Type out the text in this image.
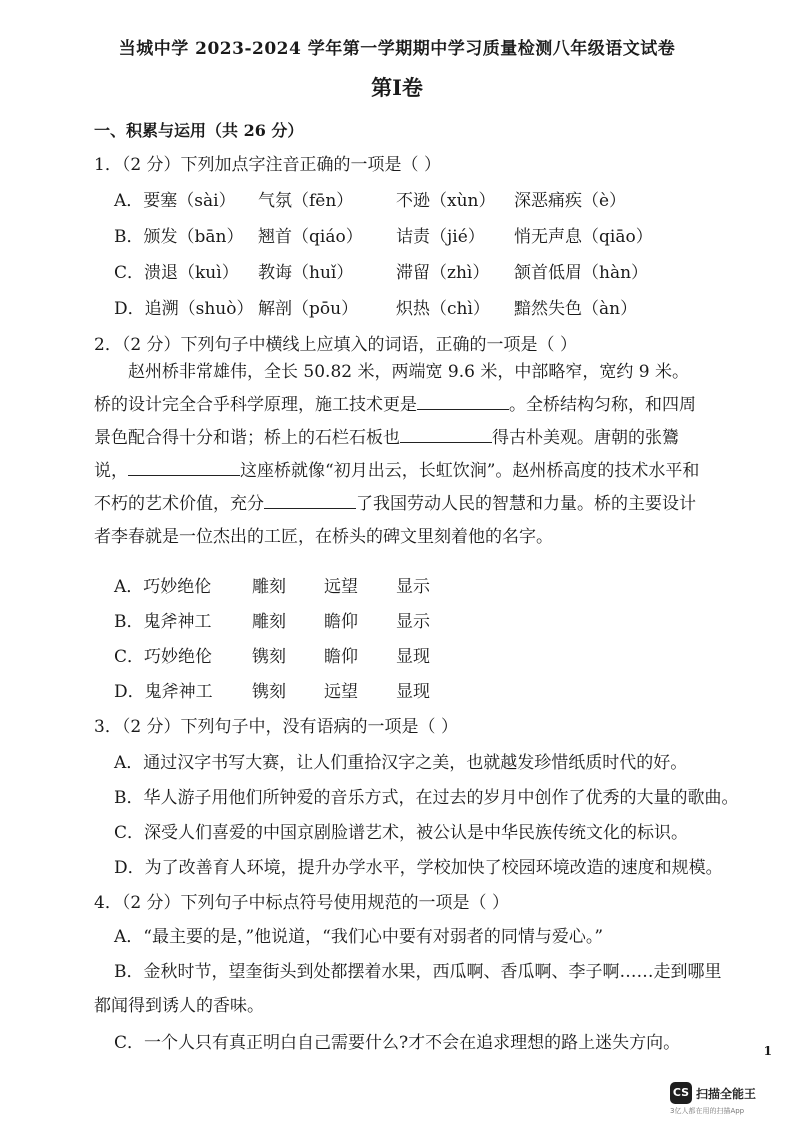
当城中学 2023-2024 学年第一学期期中学习质量检测八年级语文试卷
第Ⅰ卷
一、积累与运用（共 26 分）
1．（2 分）下列加点字注音正确的一项是（ ）
A．要塞（sài） 气氛（fēn）	不逊（xùn） 深恶痛疾（è）
B．颁发（bān） 翘首（qiáo） 诘责（jié） 悄无声息（qiāo）
C．溃退（kuì） 教诲（huǐ）	滞留（zhì） 颔首低眉（hàn）
D．追溯（shuò） 解剖（pōu） 炽热（chì） 黯然失色（àn）
2．（2 分）下列句子中横线上应填入的词语，正确的一项是（ ）
赵州桥非常雄伟，全长 50.82 米，两端宽 9.6 米，中部略窄，宽约 9 米。桥的设计完全合乎科学原理，施工技术更是	。全桥结构匀称，和四周景色配合得十分和谐；桥上的石栏石板也	得古朴美观。唐朝的张鷟说，	这座桥就像“初月出云，长虹饮涧”。赵州桥高度的技术水平和不朽的艺术价值，充分	了我国劳动人民的智慧和力量。桥的主要设计者李春就是一位杰出的工匠，在桥头的碑文里刻着他的名字。
A．巧妙绝伦 雕刻 远望 显示
B．鬼斧神工 雕刻 瞻仰 显示
C．巧妙绝伦 镌刻 瞻仰 显现
D．鬼斧神工 镌刻 远望 显现
3．（2 分）下列句子中，没有语病的一项是（ ）
A．通过汉字书写大赛，让人们重拾汉字之美，也就越发珍惜纸质时代的好。
B．华人游子用他们所钟爱的音乐方式，在过去的岁月中创作了优秀的大量的歌曲。
C．深受人们喜爱的中国京剧脸谱艺术，被公认是中华民族传统文化的标识。
D．为了改善育人环境，提升办学水平，学校加快了校园环境改造的速度和规模。
4．（2 分）下列句子中标点符号使用规范的一项是（ ）
A．“最主要的是，”他说道，“我们心中要有对弱者的同情与爱心。”
B．金秋时节，望奎街头到处都摆着水果，西瓜啊、香瓜啊、李子啊……走到哪里
都闻得到诱人的香味。
C．一个人只有真正明白自己需要什么?才不会在追求理想的路上迷失方向。	1
CS 扫描全能王
3亿人都在用的扫描App
